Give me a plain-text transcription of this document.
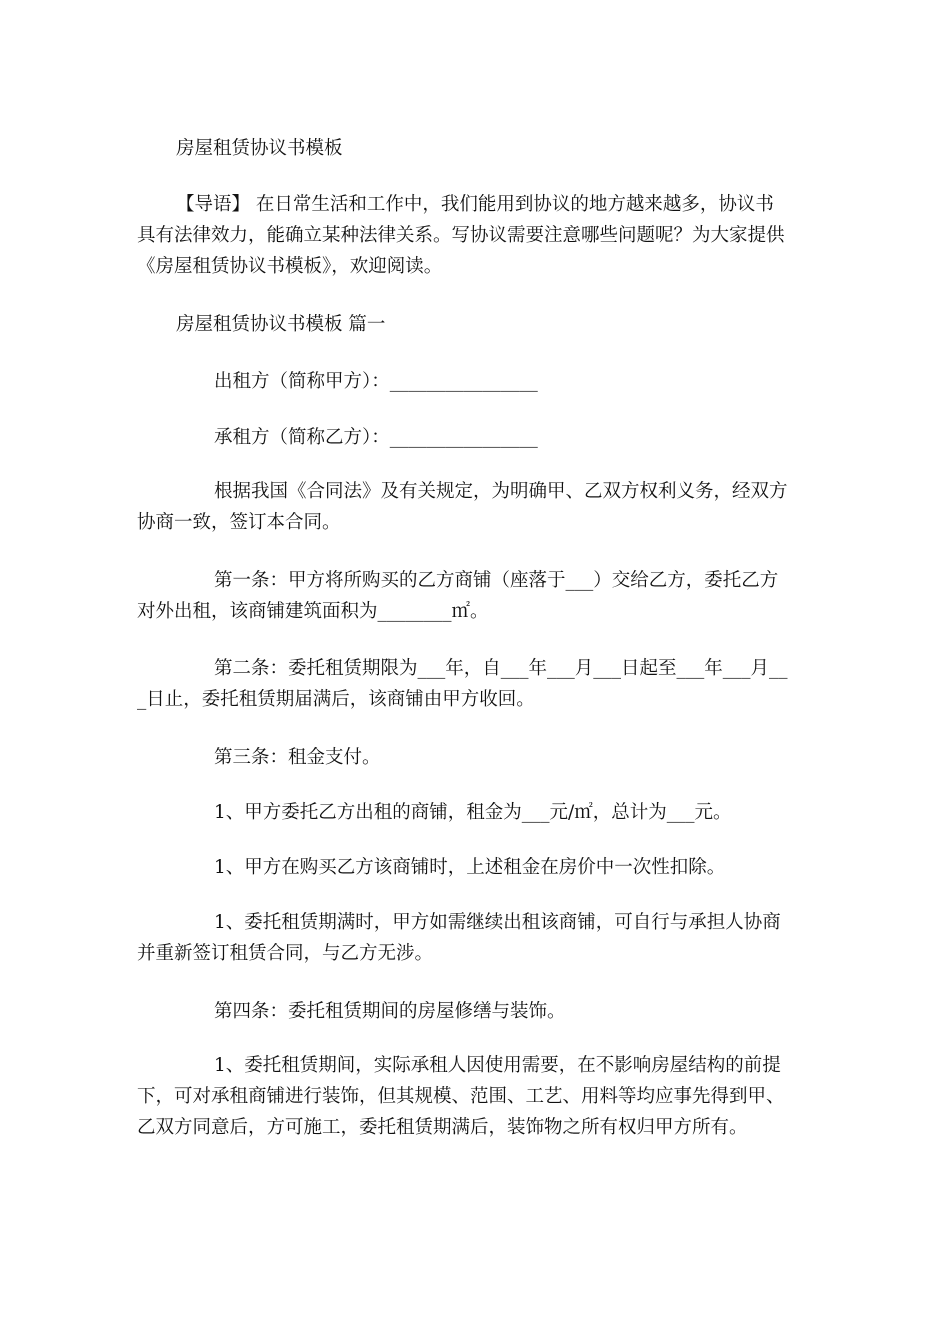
房屋租赁协议书模板

【导语】 在日常生活和工作中，我们能用到协议的地方越来越多，协议书
具有法律效力，能确立某种法律关系。写协议需要注意哪些问题呢？为大家提供
《房屋租赁协议书模板》，欢迎阅读。

房屋租赁协议书模板 篇一

出租方（简称甲方）：________________

承租方（简称乙方）：________________

根据我国《合同法》及有关规定，为明确甲、乙双方权利义务，经双方
协商一致，签订本合同。

第一条：甲方将所购买的乙方商铺（座落于___）交给乙方，委托乙方
对外出租，该商铺建筑面积为________㎡。

第二条：委托租赁期限为___年，自___年___月___日起至___年___月__
_日止，委托租赁期届满后，该商铺由甲方收回。

第三条：租金支付。

1、甲方委托乙方出租的商铺，租金为___元/㎡，总计为___元。

1、甲方在购买乙方该商铺时，上述租金在房价中一次性扣除。

1、委托租赁期满时，甲方如需继续出租该商铺，可自行与承担人协商
并重新签订租赁合同，与乙方无涉。

第四条：委托租赁期间的房屋修缮与装饰。

1、委托租赁期间，实际承租人因使用需要，在不影响房屋结构的前提
下，可对承租商铺进行装饰，但其规模、范围、工艺、用料等均应事先得到甲、
乙双方同意后，方可施工，委托租赁期满后，装饰物之所有权归甲方所有。
